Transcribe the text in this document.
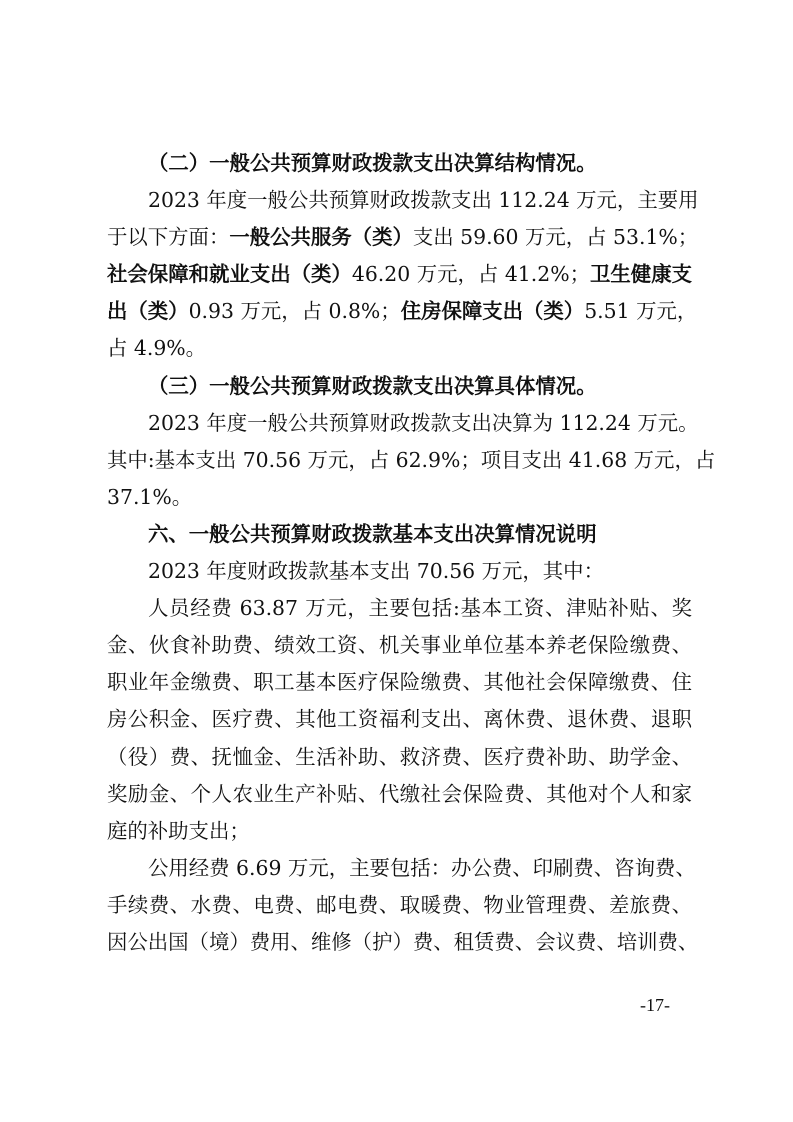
（二）一般公共预算财政拨款支出决算结构情况。
2023 年度一般公共预算财政拨款支出 112.24 万元，主要用
于以下方面：一般公共服务（类）支出 59.60 万元，占 53.1%；
社会保障和就业支出（类）46.20 万元，占 41.2%；卫生健康支
出（类）0.93 万元，占 0.8%；住房保障支出（类）5.51 万元，
占 4.9%。
（三）一般公共预算财政拨款支出决算具体情况。
2023 年度一般公共预算财政拨款支出决算为 112.24 万元。
其中:基本支出 70.56 万元，占 62.9%；项目支出 41.68 万元，占
37.1%。
六、一般公共预算财政拨款基本支出决算情况说明
2023 年度财政拨款基本支出 70.56 万元，其中：
人员经费 63.87 万元，主要包括:基本工资、津贴补贴、奖
金、伙食补助费、绩效工资、机关事业单位基本养老保险缴费、
职业年金缴费、职工基本医疗保险缴费、其他社会保障缴费、住
房公积金、医疗费、其他工资福利支出、离休费、退休费、退职
（役）费、抚恤金、生活补助、救济费、医疗费补助、助学金、
奖励金、个人农业生产补贴、代缴社会保险费、其他对个人和家
庭的补助支出；
公用经费 6.69 万元，主要包括：办公费、印刷费、咨询费、
手续费、水费、电费、邮电费、取暖费、物业管理费、差旅费、
因公出国（境）费用、维修（护）费、租赁费、会议费、培训费、
-17-
